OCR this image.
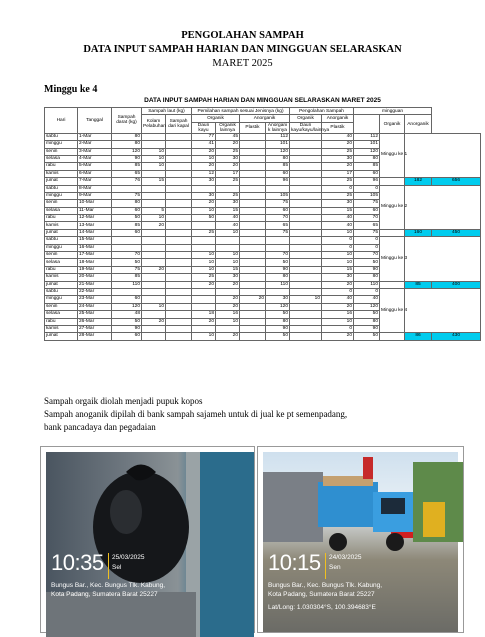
PENGOLAHAN SAMPAH
DATA INPUT SAMPAH HARIAN DAN MINGGUAN SELARASKAN
MARET 2025
Minggu ke 4
DATA INPUT SAMPAH HARIAN DAN MINGGUAN SELARASKAN MARET 2025
Hari	Tanggal	Sampah darat (kg)	Sampah laut (kg)		Pemilahan sampah sesuai Jenisnya (kg)				Pengolahan Sampah		mingguan			
			Kolam Pelabuhan	Sampah dari kapal	Organik		Anorganik		Organik	Anorganik		Organik	Anorganik	
					Daun kayu	Organik lainnya	Plastik	Anorgani k lainnya	Daun kayu/kayu/lainnya	Plastik				
sabtu	1-Mar	80			77	45		112		40	112	Minggu ke 1		
minggu	2-Mar	80			41	20		101		20	101			
senin	3-Mar	120	10		20	25		120		25	120			
selasa	4-Mar	90	10		10	30		80		30	80			
rabu	5-Mar	85	10		20	20		85		20	85			
kamis	6-Mar	65			12	17		60		17	60			
jumat	7-Mar	76	15		30	25		96		25	96		182	656
sabtu	8-Mar									0	0	Minggu ke 2		
minggu	9-Mar	75			30	25		105		25	105			
senin	10-Mar	80			20	30		75		30	75			
selasa	11-Mar	60	5		10	15		60		15	60			
rabu	12-Mar	50	10		50	40		70		40	70			
kamis	13-Mar	85	20			40		65		40	65			
jumat	14-Mar	60			25	10		75		10	75		160	450
sabtu	15-Mar									0	0	Minggu ke 3		
minggu	16-Mar									0	0			
senin	17-Mar	70			10	10		70		10	70			
selasa	18-Mar	50			10	10		50		10	50			
rabu	19-Mar	75	20		10	15		90		15	90			
kamis	20-Mar	85			25	30		80		30	80			
jumat	21-Mar	110			20	20		110		20	110		85	400
sabtu	22-Mar									0	0	Minggu ke 4		
minggu	23-Mar	60				20	20	30	10	40	40			
senin	24-Mar	120	10			20		120		20	120			
selasa	25-Mar	48			18	16		50		16	50			
rabu	26-Mar	50	20		20	10		80		10	80			
kamis	27-Mar	90						90		0	90			
jumat	28-Mar	60			10	20		50		20	50		86	430
Sampah orgaik diolah menjadi pupuk kopos
Sampah anoganik dipilah di bank sampah sajameh untuk di jual ke pt semenpadang,
bank pancadaya dan pegadaian
10:35 25/03/2025
Sel
Bungus Bar., Kec. Bungus Tlk. Kabung,
Kota Padang, Sumatera Barat 25227
10:15 24/03/2025
Sen
Bungus Bar., Kec. Bungus Tlk. Kabung,
Kota Padang, Sumatera Barat 25227
Lat/Long: 1.030304°S, 100.394683°E
